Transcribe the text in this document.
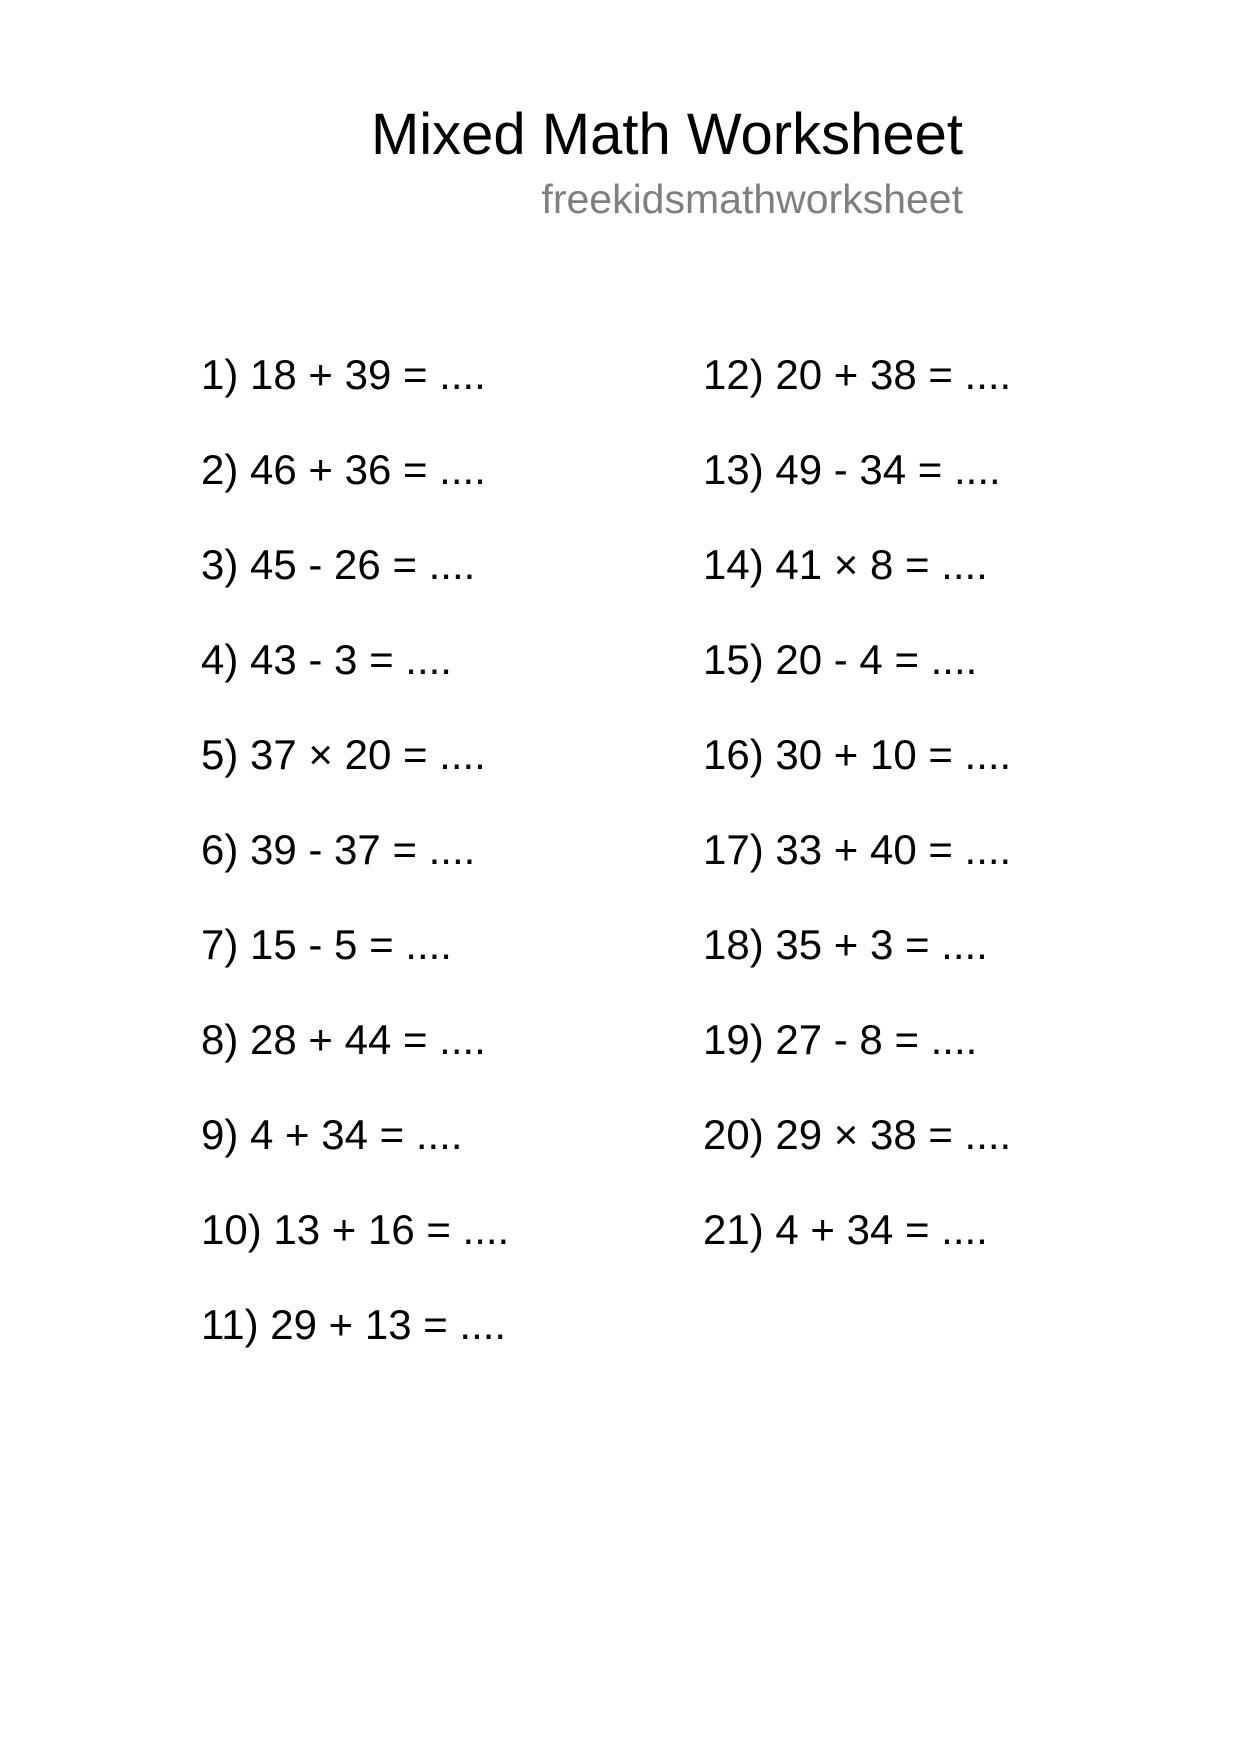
Mixed Math Worksheet
freekidsmathworksheet
1) 18 + 39 = ....
2) 46 + 36 = ....
3) 45 - 26 = ....
4) 43 - 3 = ....
5) 37 × 20 = ....
6) 39 - 37 = ....
7) 15 - 5 = ....
8) 28 + 44 = ....
9) 4 + 34 = ....
10) 13 + 16 = ....
11) 29 + 13 = ....
12) 20 + 38 = ....
13) 49 - 34 = ....
14) 41 × 8 = ....
15) 20 - 4 = ....
16) 30 + 10 = ....
17) 33 + 40 = ....
18) 35 + 3 = ....
19) 27 - 8 = ....
20) 29 × 38 = ....
21) 4 + 34 = ....
